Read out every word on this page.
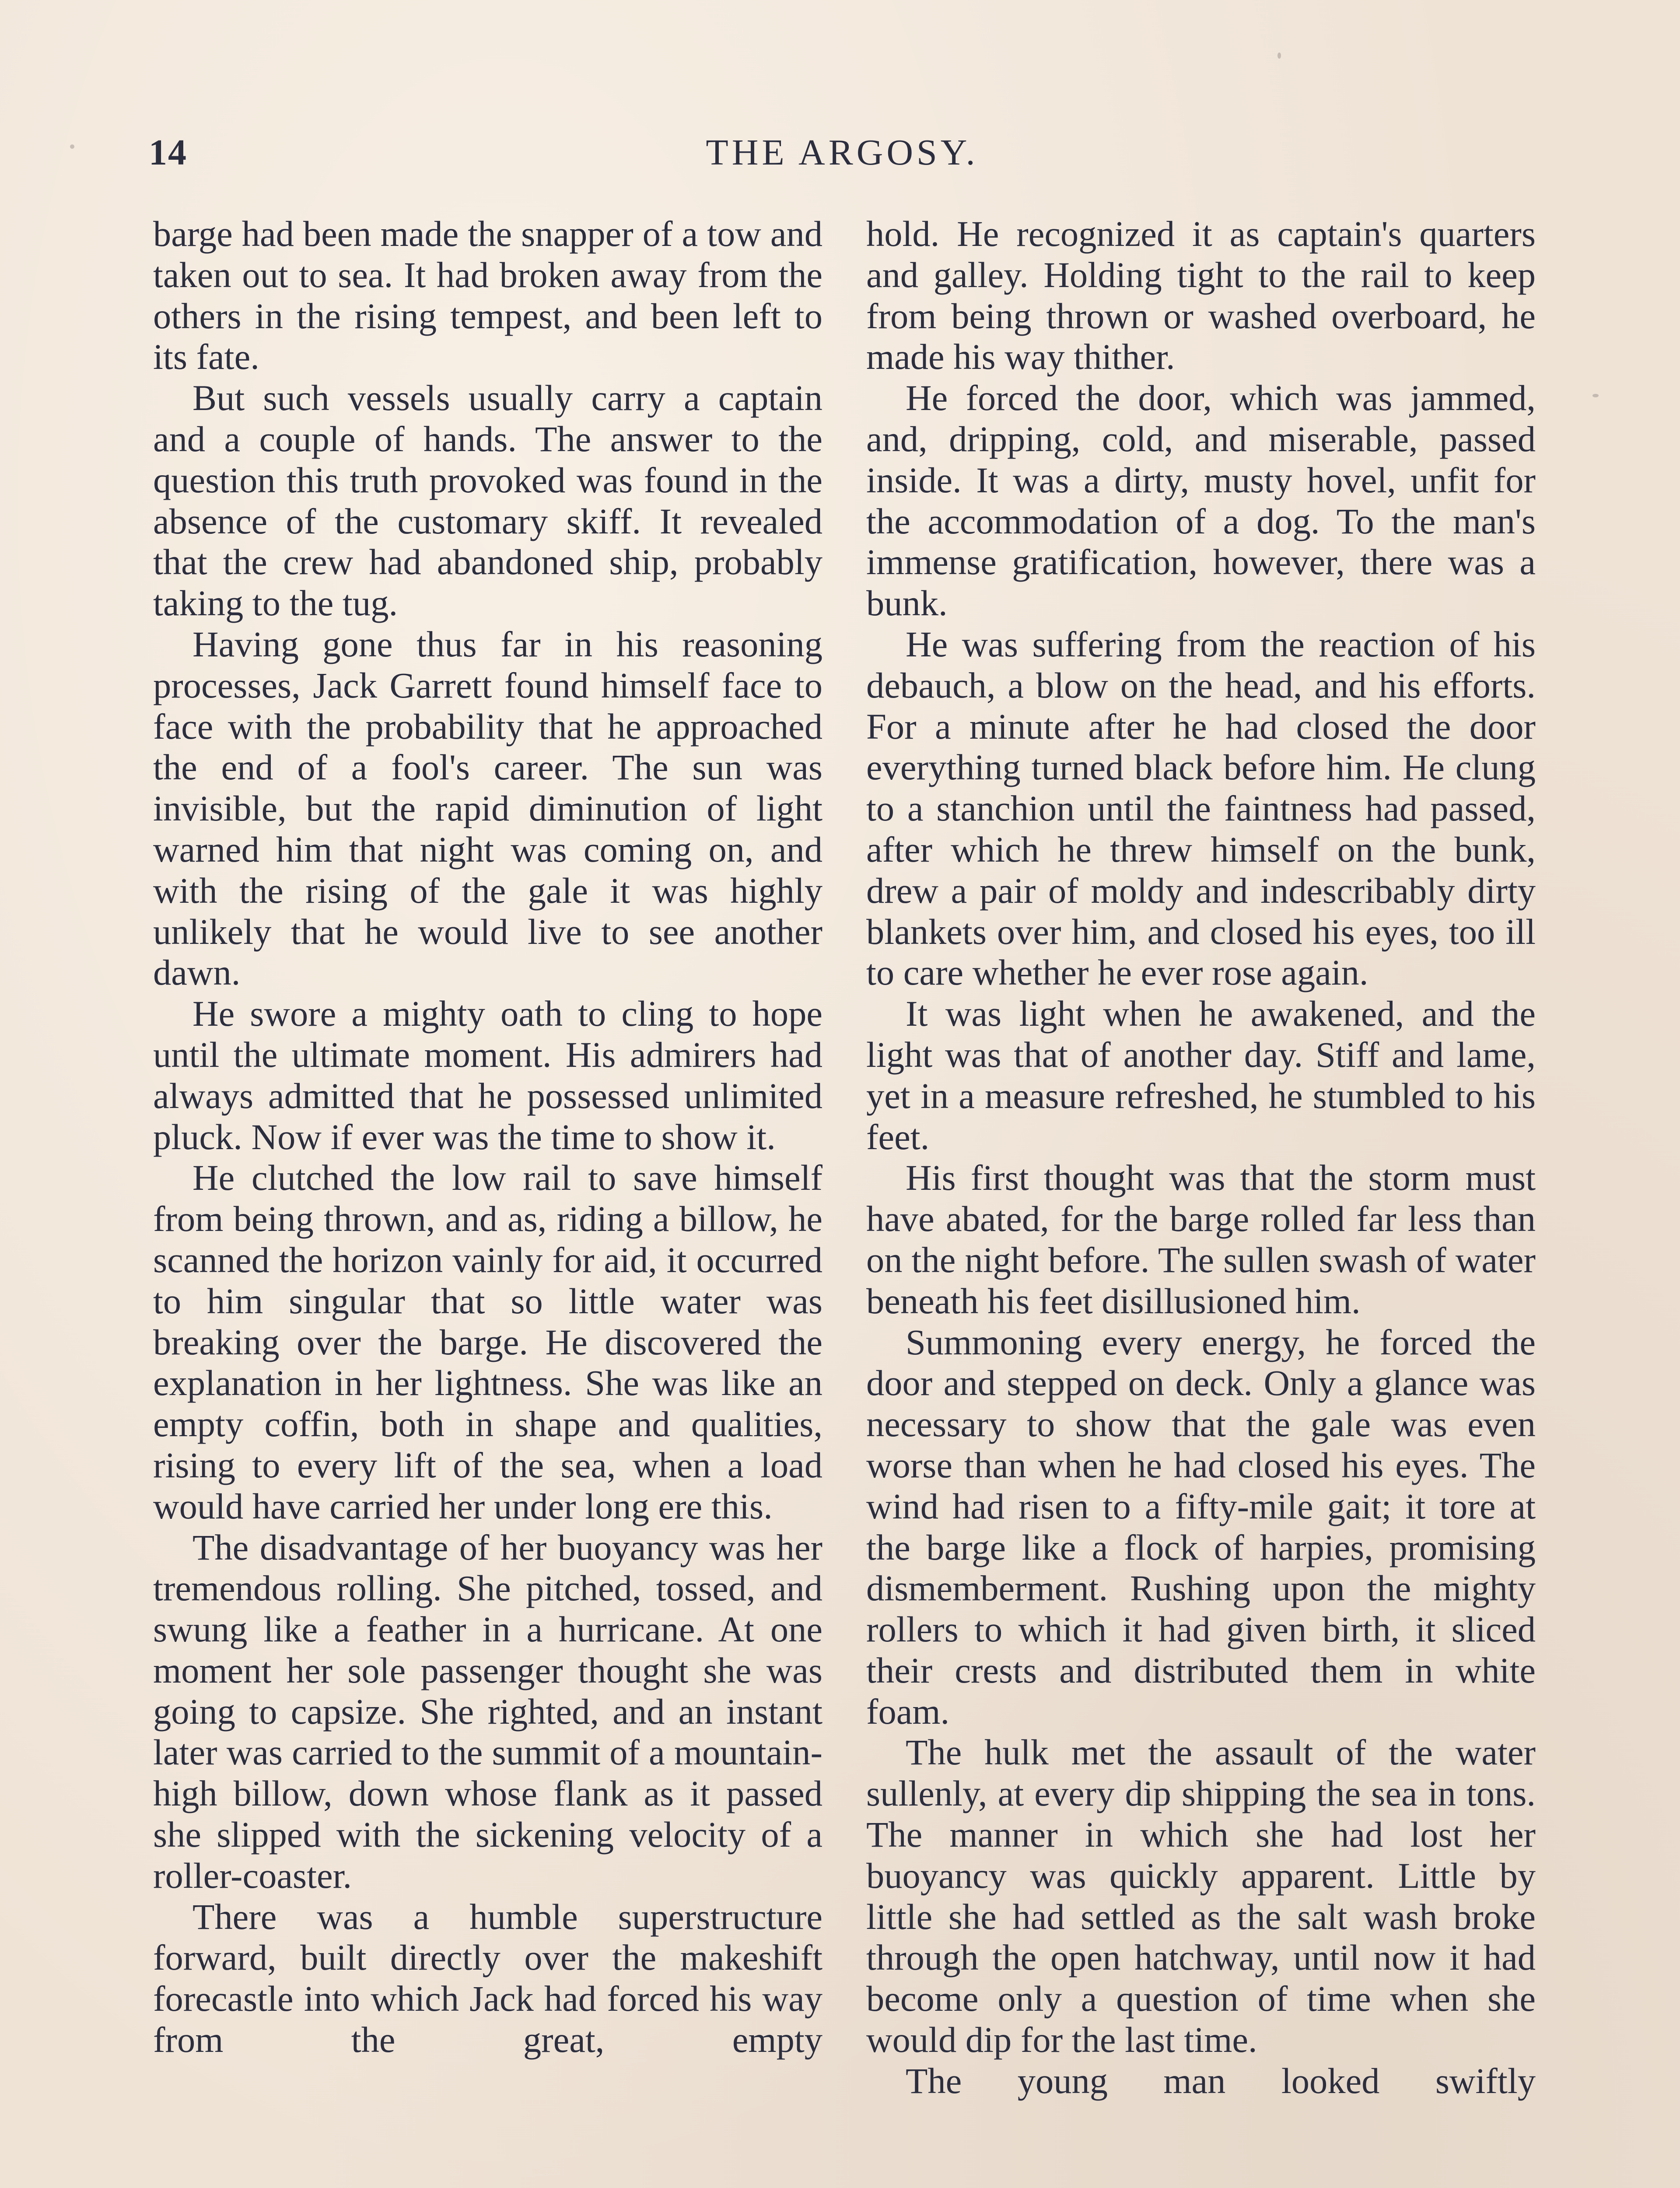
14	THE ARGOSY.

barge had been made the snapper of a tow and taken out to sea. It had broken away from the others in the rising tempest, and been left to its fate.

But such vessels usually carry a captain and a couple of hands. The answer to the question this truth provoked was found in the absence of the customary skiff. It revealed that the crew had abandoned ship, probably taking to the tug.

Having gone thus far in his reasoning processes, Jack Garrett found himself face to face with the probability that he approached the end of a fool's career. The sun was invisible, but the rapid diminution of light warned him that night was coming on, and with the rising of the gale it was highly unlikely that he would live to see another dawn.

He swore a mighty oath to cling to hope until the ultimate moment. His admirers had always admitted that he possessed unlimited pluck. Now if ever was the time to show it.

He clutched the low rail to save himself from being thrown, and as, riding a billow, he scanned the horizon vainly for aid, it occurred to him singular that so little water was breaking over the barge. He discovered the explanation in her lightness. She was like an empty coffin, both in shape and qualities, rising to every lift of the sea, when a load would have carried her under long ere this.

The disadvantage of her buoyancy was her tremendous rolling. She pitched, tossed, and swung like a feather in a hurricane. At one moment her sole passenger thought she was going to capsize. She righted, and an instant later was carried to the summit of a mountain-high billow, down whose flank as it passed she slipped with the sickening velocity of a roller-coaster.

There was a humble superstructure forward, built directly over the makeshift forecastle into which Jack had forced his way from the great, empty

hold. He recognized it as captain's quarters and galley. Holding tight to the rail to keep from being thrown or washed overboard, he made his way thither.

He forced the door, which was jammed, and, dripping, cold, and miserable, passed inside. It was a dirty, musty hovel, unfit for the accommodation of a dog. To the man's immense gratification, however, there was a bunk.

He was suffering from the reaction of his debauch, a blow on the head, and his efforts. For a minute after he had closed the door everything turned black before him. He clung to a stanchion until the faintness had passed, after which he threw himself on the bunk, drew a pair of moldy and indescribably dirty blankets over him, and closed his eyes, too ill to care whether he ever rose again.

It was light when he awakened, and the light was that of another day. Stiff and lame, yet in a measure refreshed, he stumbled to his feet.

His first thought was that the storm must have abated, for the barge rolled far less than on the night before. The sullen swash of water beneath his feet disillusioned him.

Summoning every energy, he forced the door and stepped on deck. Only a glance was necessary to show that the gale was even worse than when he had closed his eyes. The wind had risen to a fifty-mile gait; it tore at the barge like a flock of harpies, promising dismemberment. Rushing upon the mighty rollers to which it had given birth, it sliced their crests and distributed them in white foam.

The hulk met the assault of the water sullenly, at every dip shipping the sea in tons. The manner in which she had lost her buoyancy was quickly apparent. Little by little she had settled as the salt wash broke through the open hatchway, until now it had become only a question of time when she would dip for the last time.

The young man looked swiftly
